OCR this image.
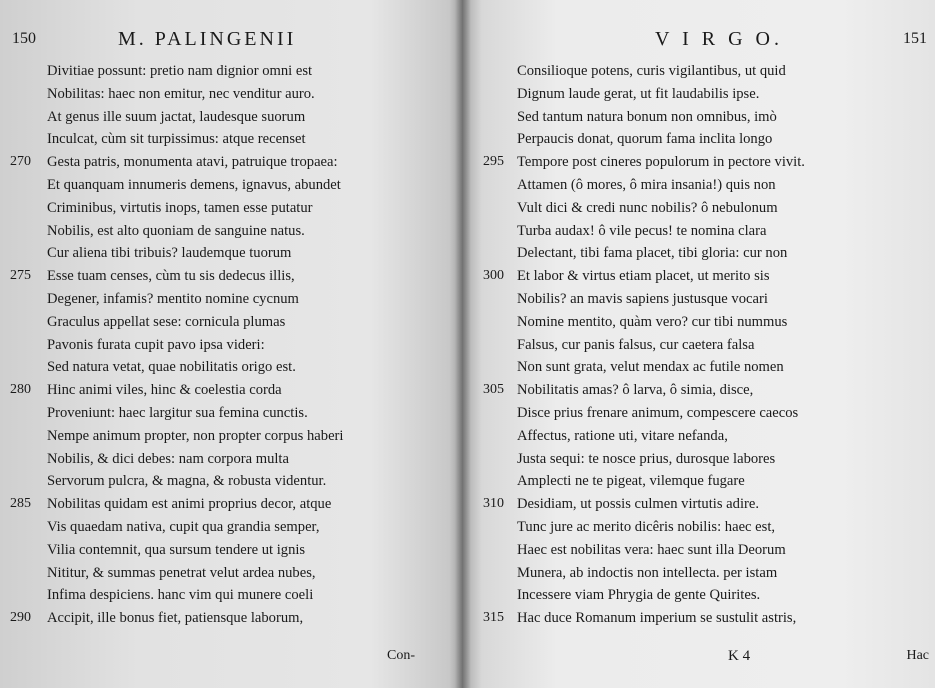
150	M. PALINGENII
Divitiae possunt: pretio nam dignior omni est
Nobilitas: haec non emitur, nec venditur auro.
At genus ille suum jactat, laudesque suorum
Inculcat, cùm sit turpissimus: atque recenset
270	Gesta patris, monumenta atavi, patruique tropaea:
Et quanquam innumeris demens, ignavus, abundet
Criminibus, virtutis inops, tamen esse putatur
Nobilis, est alto quoniam de sanguine natus.
Cur aliena tibi tribuis? laudemque tuorum
275	Esse tuam censes, cùm tu sis dedecus illis,
Degener, infamis? mentito nomine cycnum
Graculus appellat sese: cornicula plumas
Pavonis furata cupit pavo ipsa videri:
Sed natura vetat, quae nobilitatis origo est.
280	Hinc animi viles, hinc & coelestia corda
Proveniunt: haec largitur sua femina cunctis.
Nempe animum propter, non propter corpus haberi
Nobilis, & dici debes: nam corpora multa
Servorum pulcra, & magna, & robusta videntur.
285	Nobilitas quidam est animi proprius decor, atque
Vis quaedam nativa, cupit qua grandia semper,
Vilia contemnit, qua sursum tendere ut ignis
Nititur, & summas penetrat velut ardea nubes,
Infima despiciens. hanc vim qui munere coeli
290	Accipit, ille bonus fiet, patiensque laborum,
Con-
V I R G O.	151
Consilioque potens, curis vigilantibus, ut quid
Dignum laude gerat, ut fit laudabilis ipse.
Sed tantum natura bonum non omnibus, imò
Perpaucis donat, quorum fama inclita longo
295 Tempore post cineres populorum in pectore vivit.
Attamen (ô mores, ô mira insania!) quis non
Vult dici & credi nunc nobilis? ô nebulonum
Turba audax! ô vile pecus! te nomina clara
Delectant, tibi fama placet, tibi gloria: cur non
300 Et labor & virtus etiam placet, ut merito sis
Nobilis? an mavis sapiens justusque vocari
Nomine mentito, quàm vero? cur tibi nummus
Falsus, cur panis falsus, cur caetera falsa
Non sunt grata, velut mendax ac futile nomen
305 Nobilitatis amas? ô larva, ô simia, disce,
Disce prius frenare animum, compescere caecos
Affectus, ratione uti, vitare nefanda,
Justa sequi: te nosce prius, durosque labores
Amplecti ne te pigeat, vilemque fugare
310 Desidiam, ut possis culmen virtutis adire.
Tunc jure ac merito dicêris nobilis: haec est,
Haec est nobilitas vera: haec sunt illa Deorum
Munera, ab indoctis non intellecta. per istam
Incessere viam Phrygia de gente Quirites.
315 Hac duce Romanum imperium se sustulit astris,
K 4	Hac
